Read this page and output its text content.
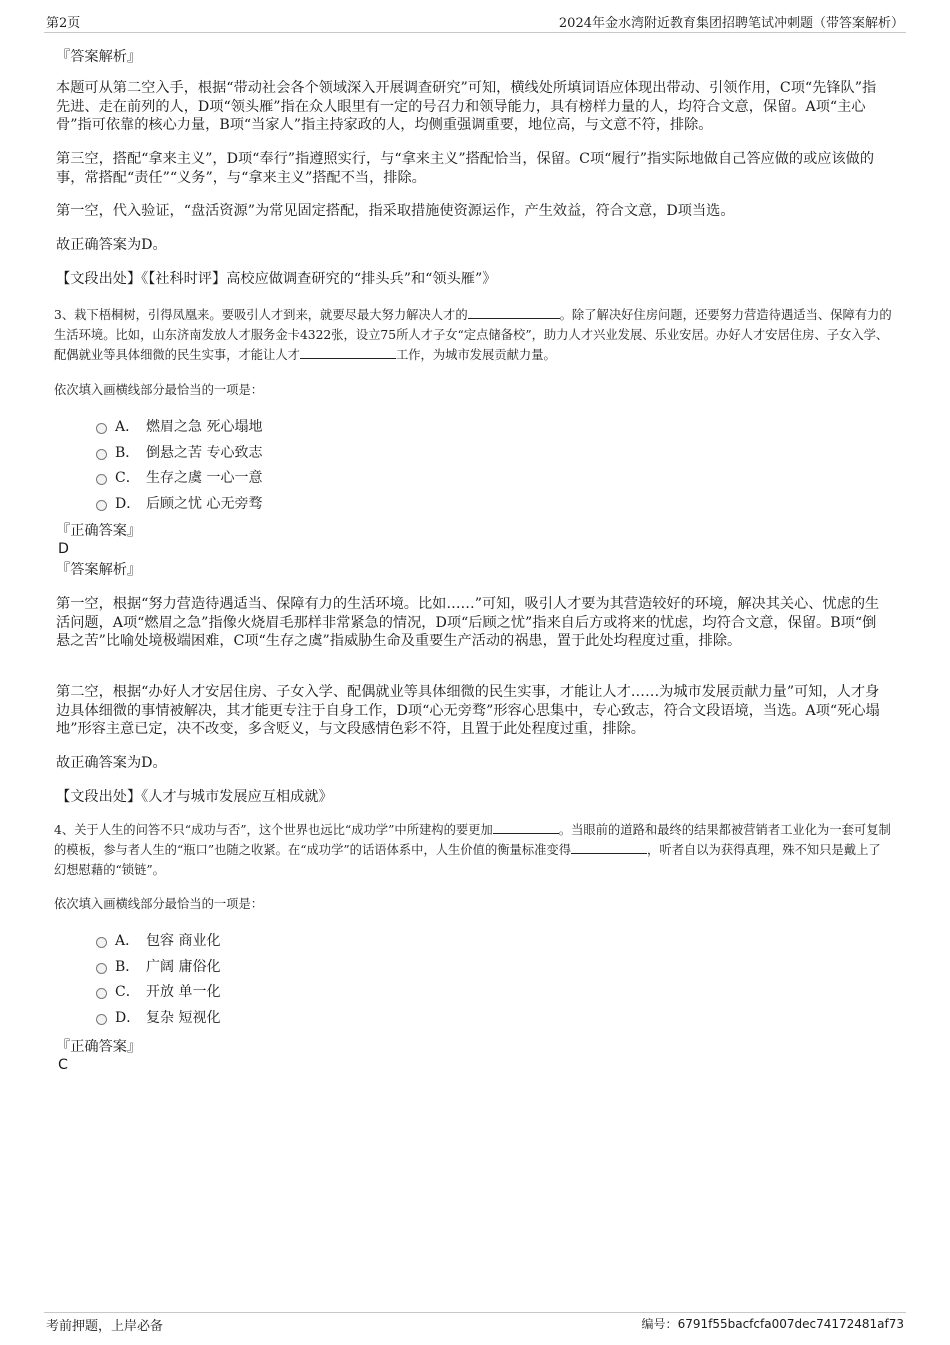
第2页	2024年金水湾附近教育集团招聘笔试冲刺题（带答案解析）

『答案解析』

本题可从第二空入手，根据“带动社会各个领域深入开展调查研究”可知，横线处所填词语应体现出带动、引领作用，C项“先锋队”指先进、走在前列的人，D项“领头雁”指在众人眼里有一定的号召力和领导能力，具有榜样力量的人，均符合文意，保留。A项“主心骨”指可依靠的核心力量，B项“当家人”指主持家政的人，均侧重强调重要，地位高，与文意不符，排除。

第三空，搭配“拿来主义”，D项“奉行”指遵照实行，与“拿来主义”搭配恰当，保留。C项“履行”指实际地做自己答应做的或应该做的事，常搭配“责任”“义务”，与“拿来主义”搭配不当，排除。

第一空，代入验证，“盘活资源”为常见固定搭配，指采取措施使资源运作，产生效益，符合文意，D项当选。

故正确答案为D。

【文段出处】《【社科时评】高校应做调查研究的“排头兵”和“领头雁”》

3、栽下梧桐树，引得凤凰来。要吸引人才到来，就要尽最大努力解决人才的	。除了解决好住房问题，还要努力营造待遇适当、保障有力的生活环境。比如，山东济南发放人才服务金卡4322张，设立75所人才子女“定点储备校”，助力人才兴业发展、乐业安居。办好人才安居住房、子女入学、配偶就业等具体细微的民生实事，才能让人才	工作，为城市发展贡献力量。

依次填入画横线部分最恰当的一项是：

A． 燃眉之急 死心塌地
B． 倒悬之苦 专心致志
C． 生存之虞 一心一意
D． 后顾之忧 心无旁骛

『正确答案』

D

『答案解析』

第一空，根据“努力营造待遇适当、保障有力的生活环境。比如……”可知，吸引人才要为其营造较好的环境，解决其关心、忧虑的生活问题，A项“燃眉之急”指像火烧眉毛那样非常紧急的情况，D项“后顾之忧”指来自后方或将来的忧虑，均符合文意，保留。B项“倒悬之苦”比喻处境极端困难，C项“生存之虞”指威胁生命及重要生产活动的祸患，置于此处均程度过重，排除。

第二空，根据“办好人才安居住房、子女入学、配偶就业等具体细微的民生实事，才能让人才……为城市发展贡献力量”可知，人才身边具体细微的事情被解决，其才能更专注于自身工作，D项“心无旁骛”形容心思集中，专心致志，符合文段语境，当选。A项“死心塌地”形容主意已定，决不改变，多含贬义，与文段感情色彩不符，且置于此处程度过重，排除。

故正确答案为D。

【文段出处】《人才与城市发展应互相成就》

4、关于人生的问答不只“成功与否”，这个世界也远比“成功学”中所建构的要更加	。当眼前的道路和最终的结果都被营销者工业化为一套可复制的模板，参与者人生的“瓶口”也随之收紧。在“成功学”的话语体系中，人生价值的衡量标准变得	，听者自以为获得真理，殊不知只是戴上了幻想慰藉的“锁链”。

依次填入画横线部分最恰当的一项是：

A． 包容 商业化
B． 广阔 庸俗化
C． 开放 单一化
D． 复杂 短视化

『正确答案』

C

考前押题，上岸必备	编号：6791f55bacfcfa007dec74172481af73
